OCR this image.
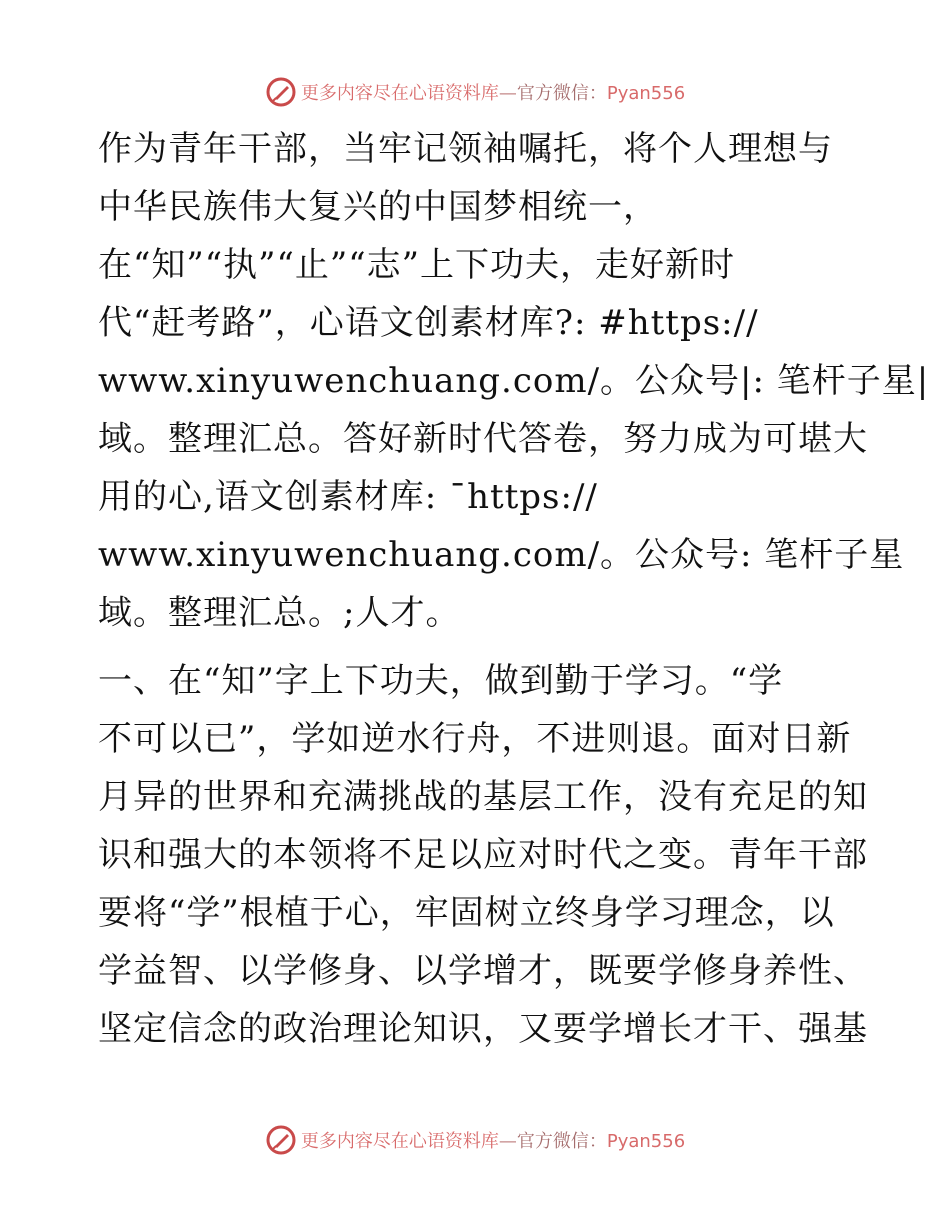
更多内容尽在心语资料库—官方微信：Pyan556
作为青年干部，当牢记领袖嘱托，将个人理想与
中华民族伟大复兴的中国梦相统一，
在“知”“执”“止”“志”上下功夫，走好新时
代“赶考路”，心语文创素材库?: #https://
www.xinyuwenchuang.com/。公众号|: 笔杆子星|
域。整理汇总。答好新时代答卷，努力成为可堪大
用的心,语文创素材库: ¯https://
www.xinyuwenchuang.com/。公众号: 笔杆子星
域。整理汇总。;人才。
一、在“知”字上下功夫，做到勤于学习。“学
不可以已”，学如逆水行舟，不进则退。面对日新
月异的世界和充满挑战的基层工作，没有充足的知
识和强大的本领将不足以应对时代之变。青年干部
要将“学”根植于心，牢固树立终身学习理念，以
学益智、以学修身、以学增才，既要学修身养性、
坚定信念的政治理论知识，又要学增长才干、强基
更多内容尽在心语资料库—官方微信：Pyan556
